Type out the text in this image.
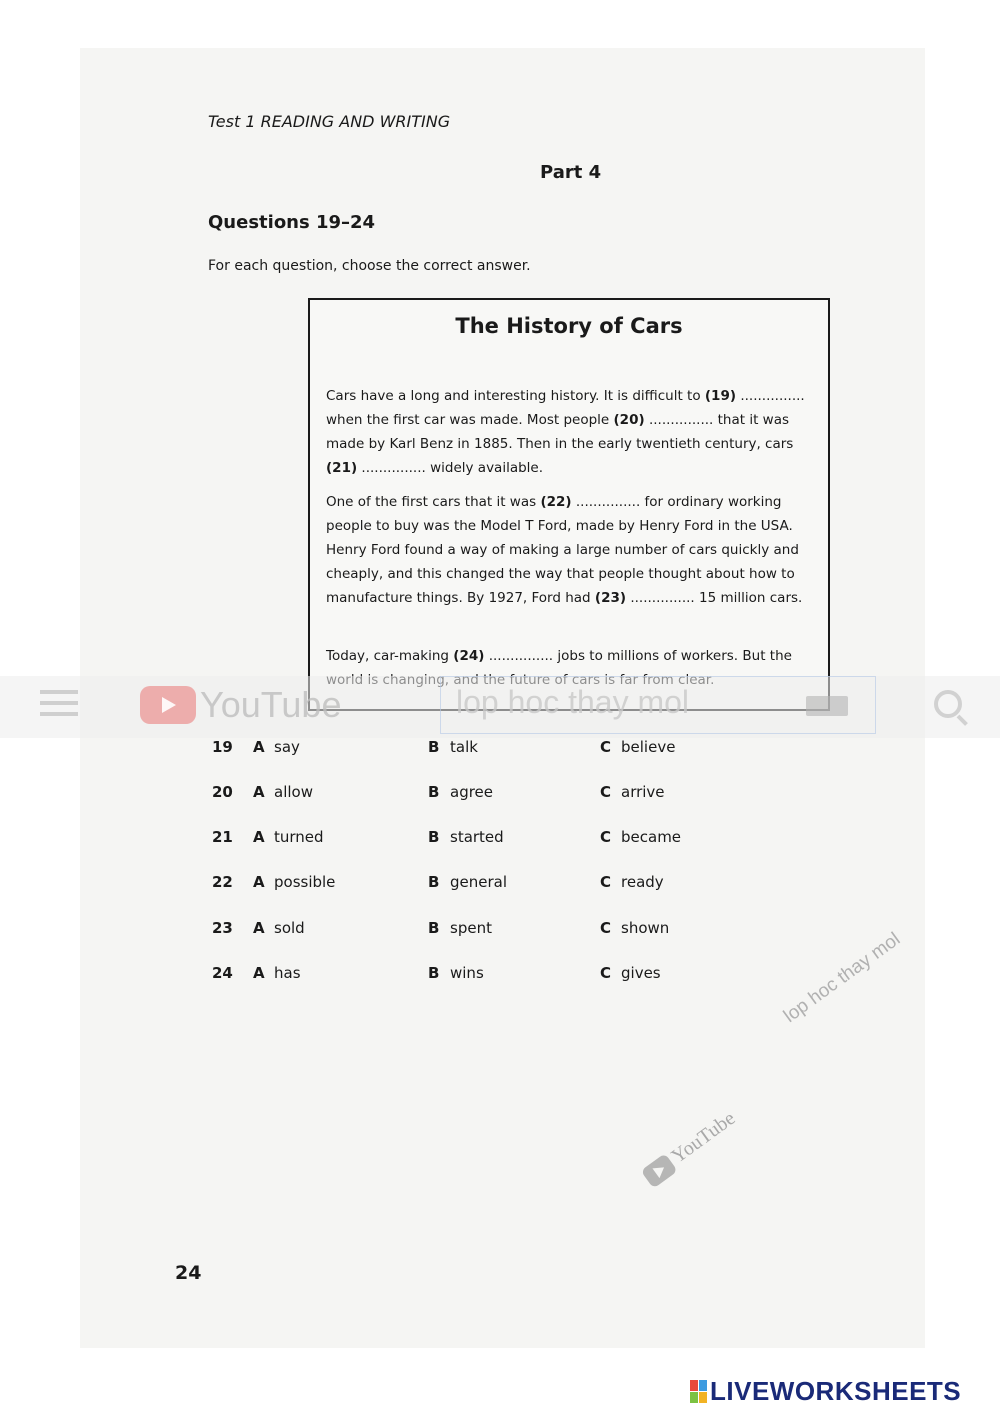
Test 1 READING AND WRITING
Part 4
Questions 19–24
For each question, choose the correct answer.
The History of Cars

Cars have a long and interesting history. It is difficult to (19) ............... when the first car was made. Most people (20) ............... that it was made by Karl Benz in 1885. Then in the early twentieth century, cars (21) ............... widely available.

One of the first cars that it was (22) ............... for ordinary working people to buy was the Model T Ford, made by Henry Ford in the USA. Henry Ford found a way of making a large number of cars quickly and cheaply, and this changed the way that people thought about how to manufacture things. By 1927, Ford had (23) ............... 15 million cars.

Today, car-making (24) ............... jobs to millions of workers. But the

YouTube	lop hoc thay mol
19 A say	B talk	C believe
20 A allow	B agree	C arrive
21 A turned	B started	C became
22 A possible	B general	C ready
23 A sold	B spent	C shown
24 A has	B wins	C gives	lop hoc thay mol
YouTube
24
LIVEWORKSHEETS
